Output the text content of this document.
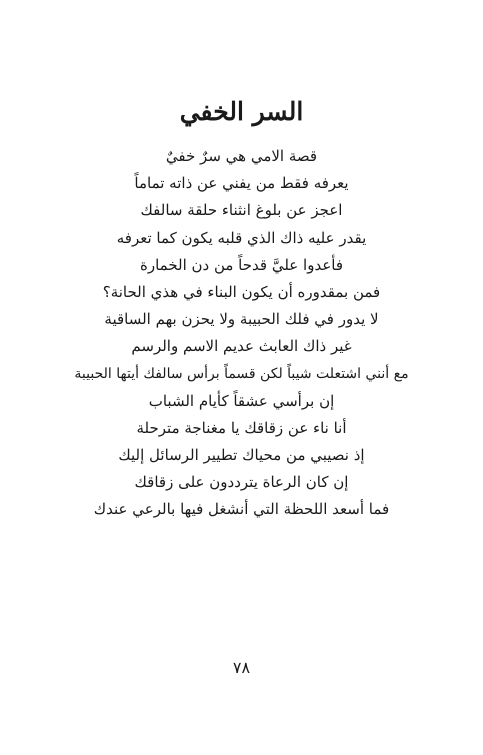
السر الخفي
قصة الامي هي سرٌ خفيٌ
يعرفه فقط من يفني عن ذاته تماماً
اعجز عن بلوغ انثناء حلقة سالفك
يقدر عليه ذاك الذي قلبه يكون كما تعرفه
فأعدوا عليَّ قدحاً من دن الخمارة
فمن بمقدوره أن يكون البناء في هذي الحانة؟
لا يدور في فلك الحبيبة ولا يحزن بهم الساقية
غير ذاك العابث عديم الاسم والرسم
مع أنني اشتعلت شيباً لكن قسماً برأس سالفك أيتها الحبيبة
إن برأسي عشقاً كأيام الشباب
أنا ناء عن زقاقك يا مغناجة مترحلة
إذ نصيبي من محياك تطيير الرسائل إليك
إن كان الرعاة يترددون على زقاقك
فما أسعد اللحظة التي أنشغل فيها بالرعي عندك
٧٨
